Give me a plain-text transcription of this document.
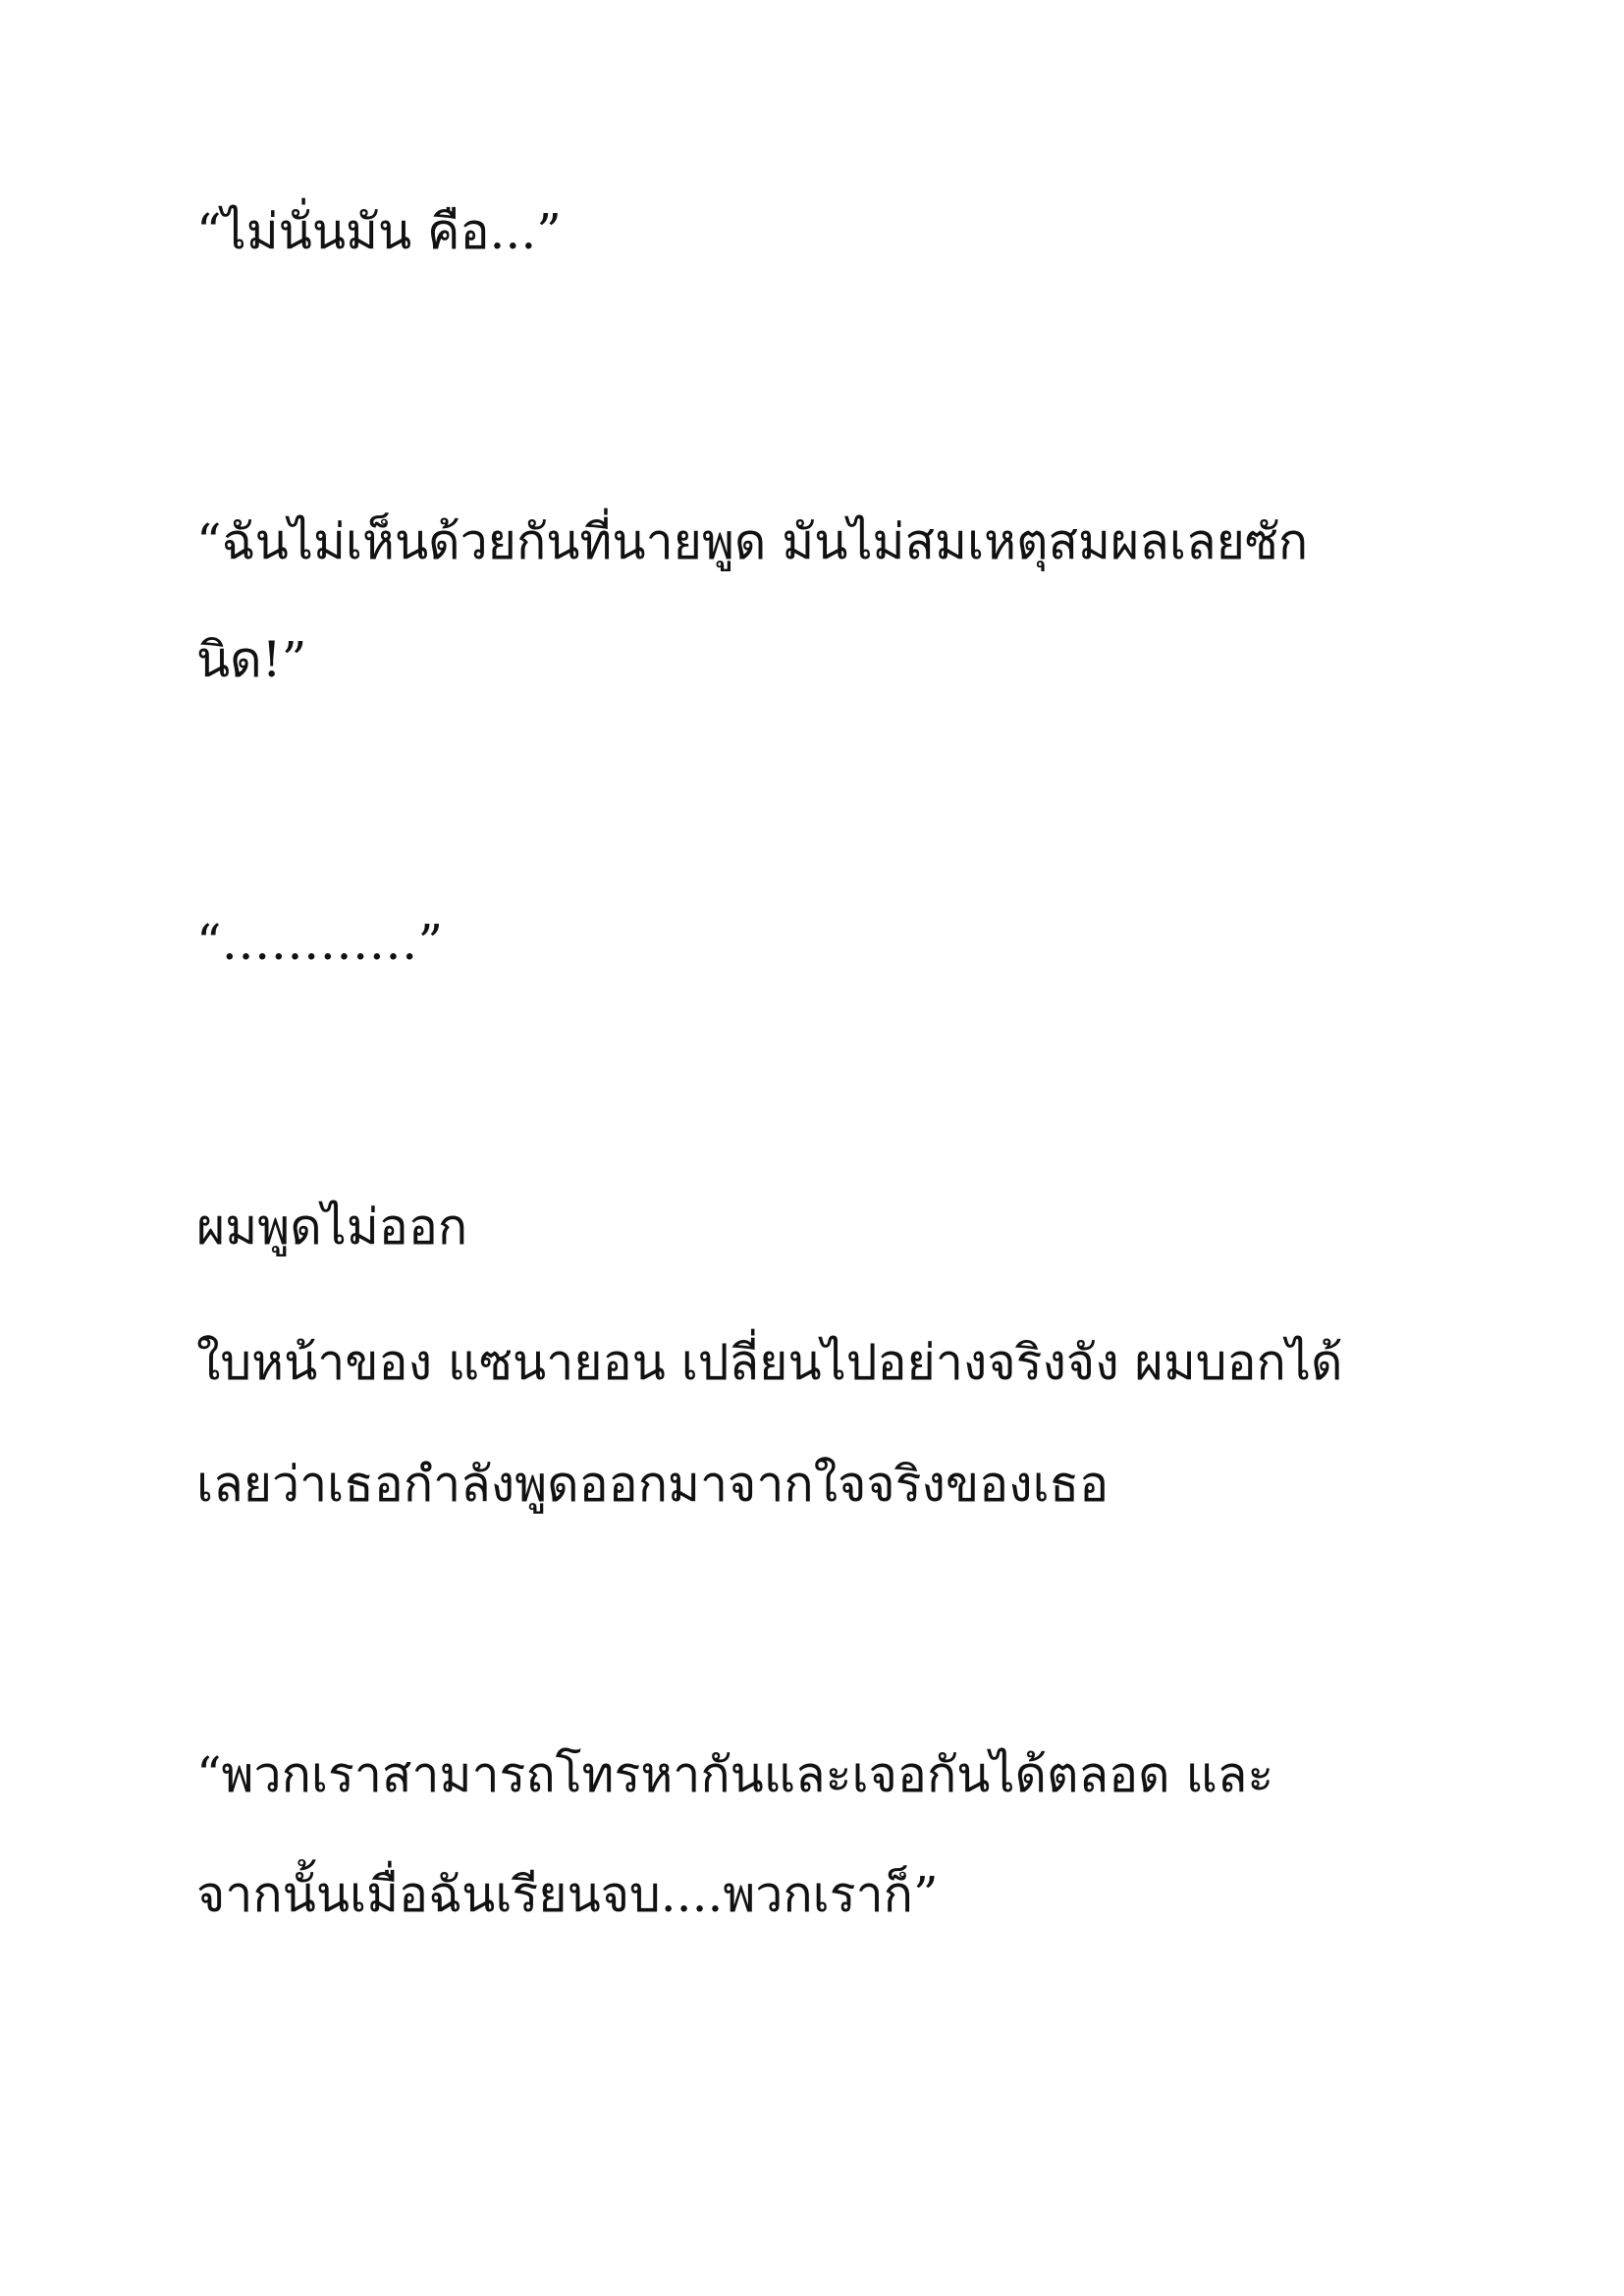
“ไม่นั่นมัน คือ...”

“ฉันไม่เห็นด้วยกันที่นายพูด มันไม่สมเหตุสมผลเลยซัก

นิด!”

“…………”

ผมพูดไม่ออก

ใบหน้าของ แซนายอน เปลี่ยนไปอย่างจริงจัง ผมบอกได้

เลยว่าเธอกำลังพูดออกมาจากใจจริงของเธอ

“พวกเราสามารถโทรหากันและเจอกันได้ตลอด และ

จากนั้นเมื่อฉันเรียนจบ....พวกเราก็”
